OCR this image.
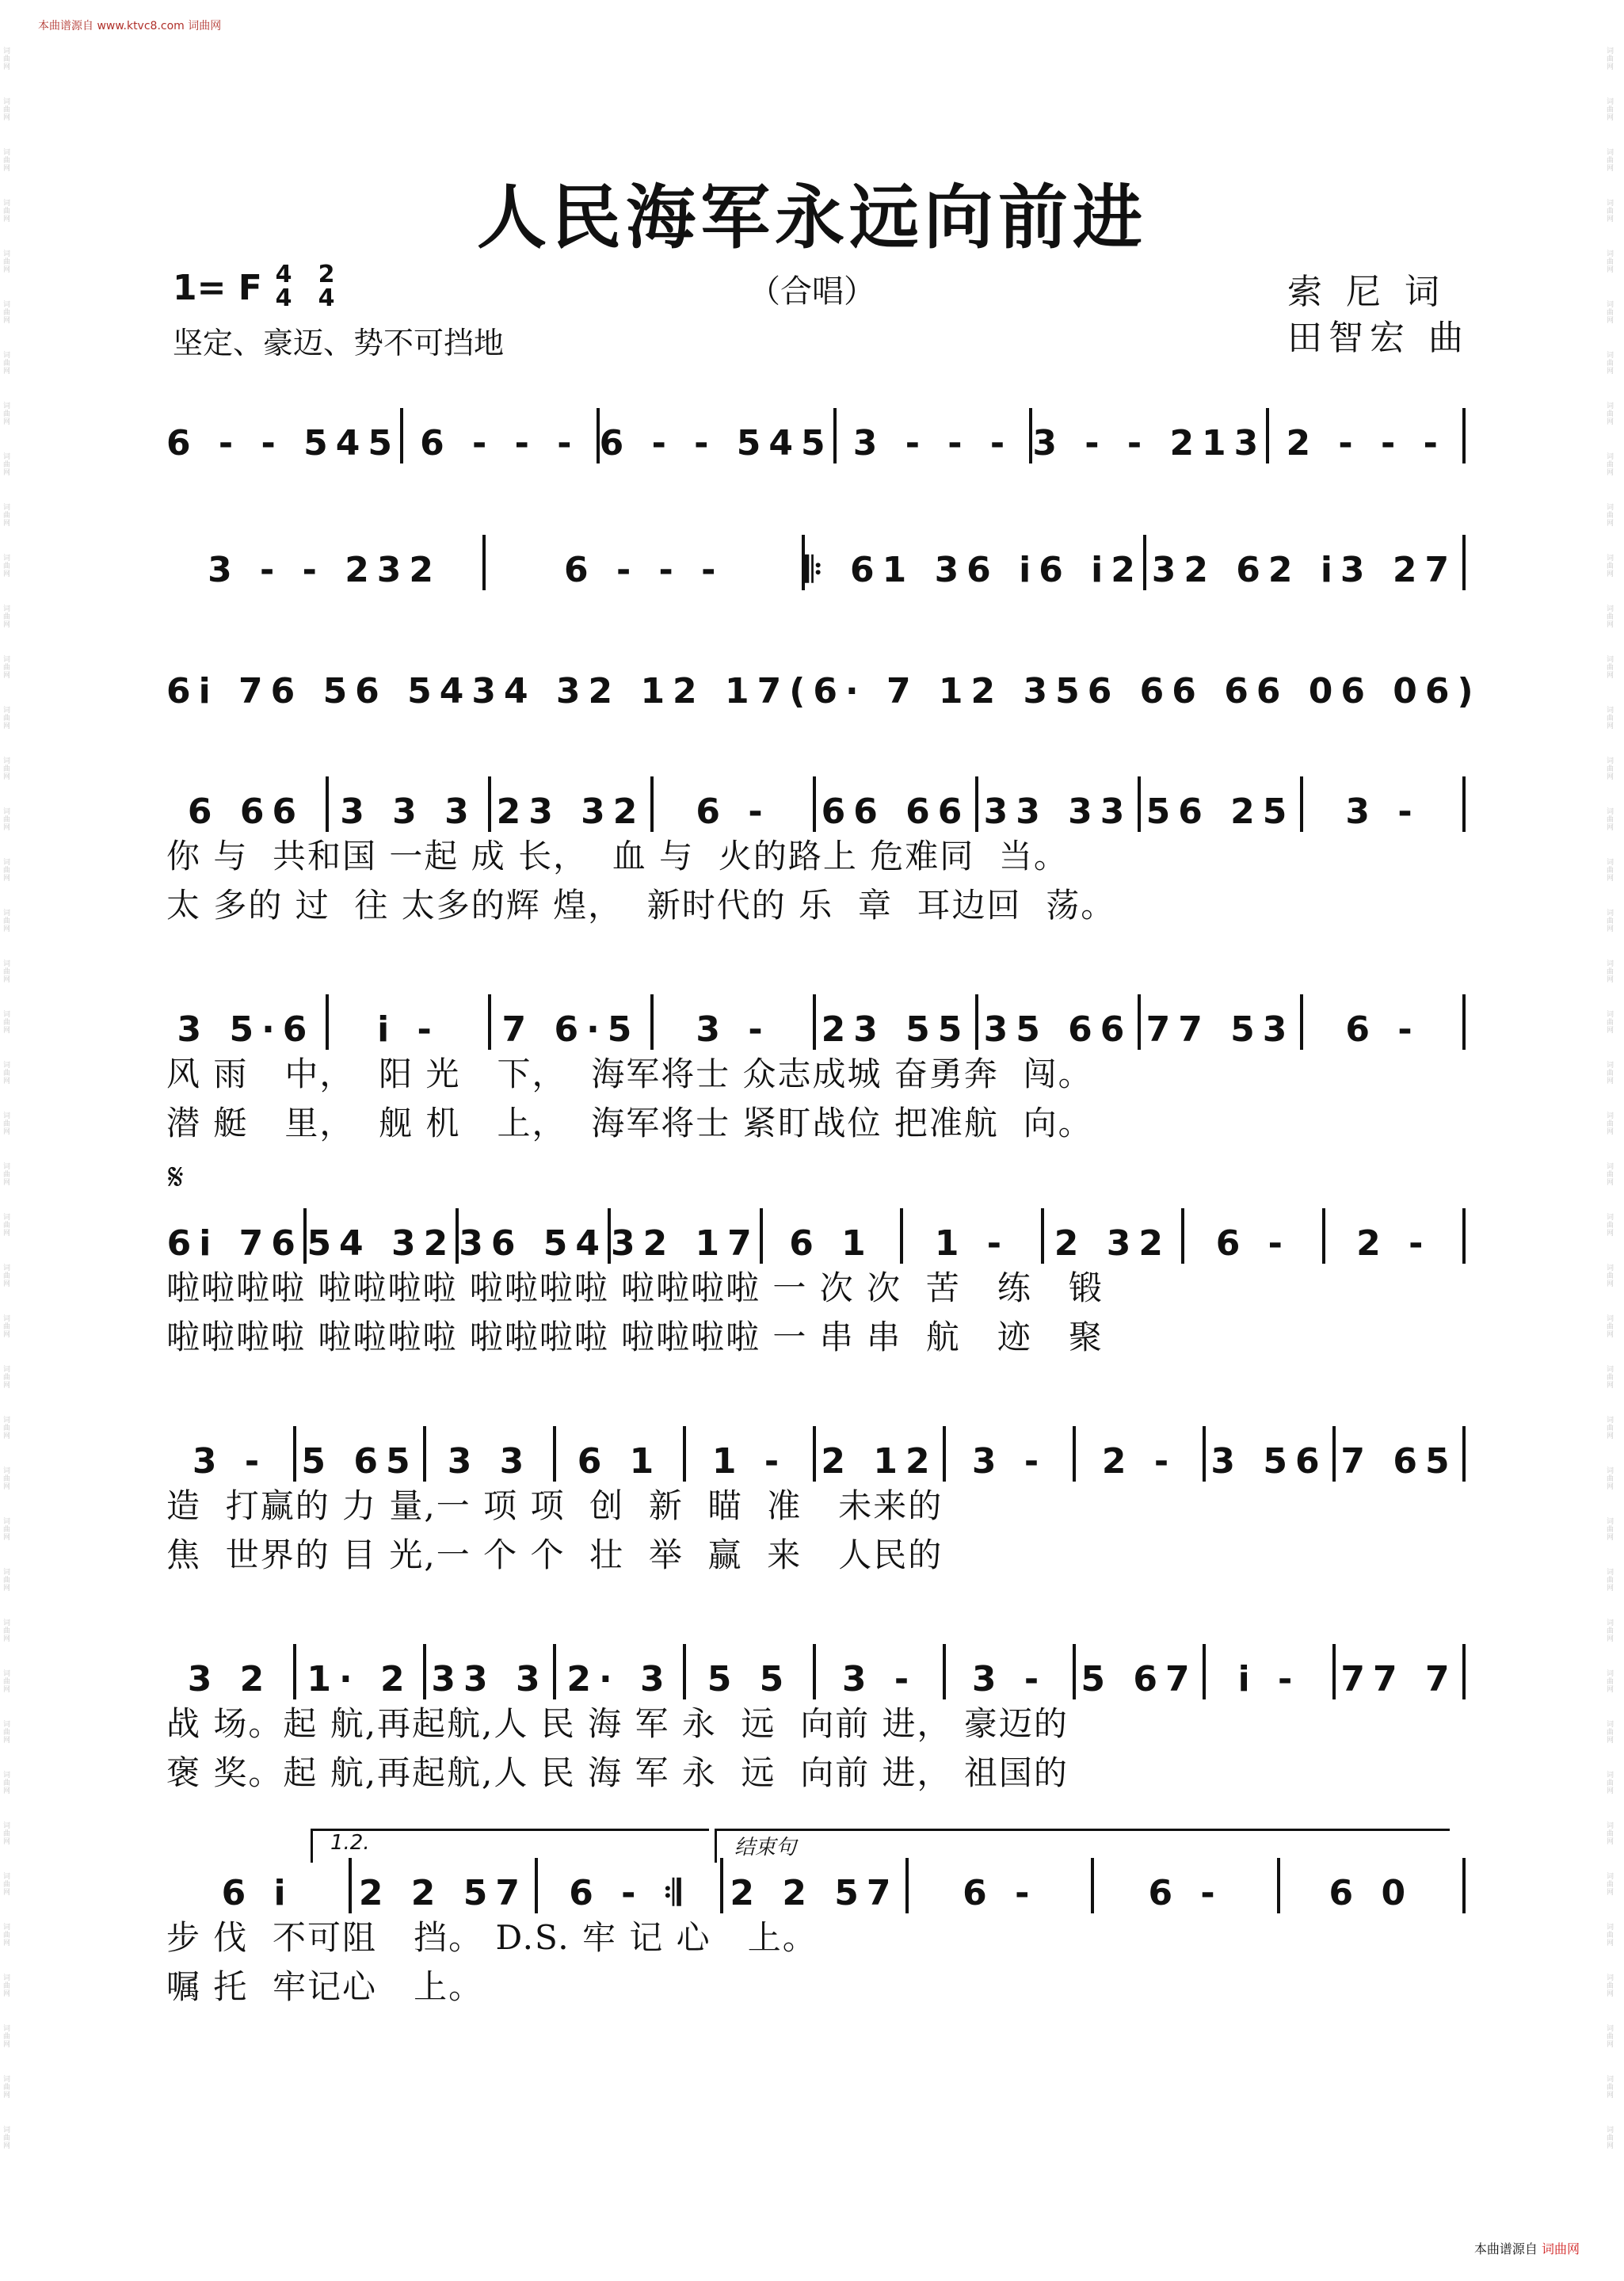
本曲谱源自 www.ktvc8.com 词曲网
词曲网
词曲网
词曲网
词曲网
词曲网
词曲网
词曲网
词曲网
词曲网
词曲网
词曲网
词曲网
词曲网
词曲网
词曲网
词曲网
词曲网
词曲网
词曲网
词曲网
词曲网
词曲网
词曲网
词曲网
词曲网
词曲网
词曲网
词曲网
词曲网
词曲网
词曲网
词曲网
词曲网
词曲网
词曲网
词曲网
词曲网
词曲网
词曲网
词曲网
词曲网
词曲网
词曲网
词曲网
词曲网
词曲网
词曲网
词曲网
词曲网
词曲网
词曲网
词曲网
词曲网
词曲网
词曲网
词曲网
词曲网
词曲网
词曲网
词曲网
词曲网
词曲网
词曲网
词曲网
词曲网
词曲网
词曲网
词曲网
词曲网
词曲网
词曲网
词曲网
词曲网
词曲网
词曲网
词曲网
词曲网
词曲网
词曲网
词曲网
词曲网
词曲网
词曲网
词曲网
人民海军永远向前进
（合唱）
1= F 4
4
2
4
坚定、豪迈、势不可挡地
索 尼 词
田智宏 曲
𝄋
1.2.	结束句
6 - - 545 6 - - - 6 - - 545 3 - - - 3 - - 213 2 - - -
3 - - 232	6 - - -	𝄆 61 36 i6 i2 32 62 i3 27
6i 76 56 54 34 32 12 17 (6· 7 12 35 6 66 66 06 06)
6 66	3 3 3 23 32	6 -	66 66 33 33 56 25	3 -
你 与  共和国 一起 成 长，  血 与  火的路上 危难同  当。
太 多的 过  往 太多的辉 煌，  新时代的 乐  章  耳边回  荡。
3 5·6	i -	7 6·5	3 -	23 55 35 66 77 53	6 -
风 雨   中，  阳 光   下，  海军将士 众志成城 奋勇奔  闯。
潜 艇   里，  舰 机   上，  海军将士 紧盯战位 把准航  向。
6i 76 54 32 36 54 32 17 6 1	1 -	2 32	6 -	2 -
啦啦啦啦 啦啦啦啦 啦啦啦啦 啦啦啦啦 一 次 次  苦   练   锻
啦啦啦啦 啦啦啦啦 啦啦啦啦 啦啦啦啦 一 串 串  航   迹   聚
3 - 5 65 3 3	6 1	1 - 2 12 3 -	2 - 3 56 7 65
造  打赢的 力 量,一 项 项  创  新  瞄  准   未来的
焦  世界的 目 光,一 个 个  壮  举  赢  来   人民的
3 2	1· 2 33 3 2· 3	5 5	3 -	3 - 5 67	i -	77 7
战 场。起 航,再起航,人 民 海 军 永  远  向前 进， 豪迈的
褒 奖。起 航,再起航,人 民 海 军 永  远  向前 进， 祖国的
6 i	2 2 57	6 - 𝄇	2 2 57	6 -	6 -	6 0
步 伐  不可阻   挡。 D.S. 牢 记 心   上。
嘱 托  牢记心   上。
本曲谱源自 词曲网
